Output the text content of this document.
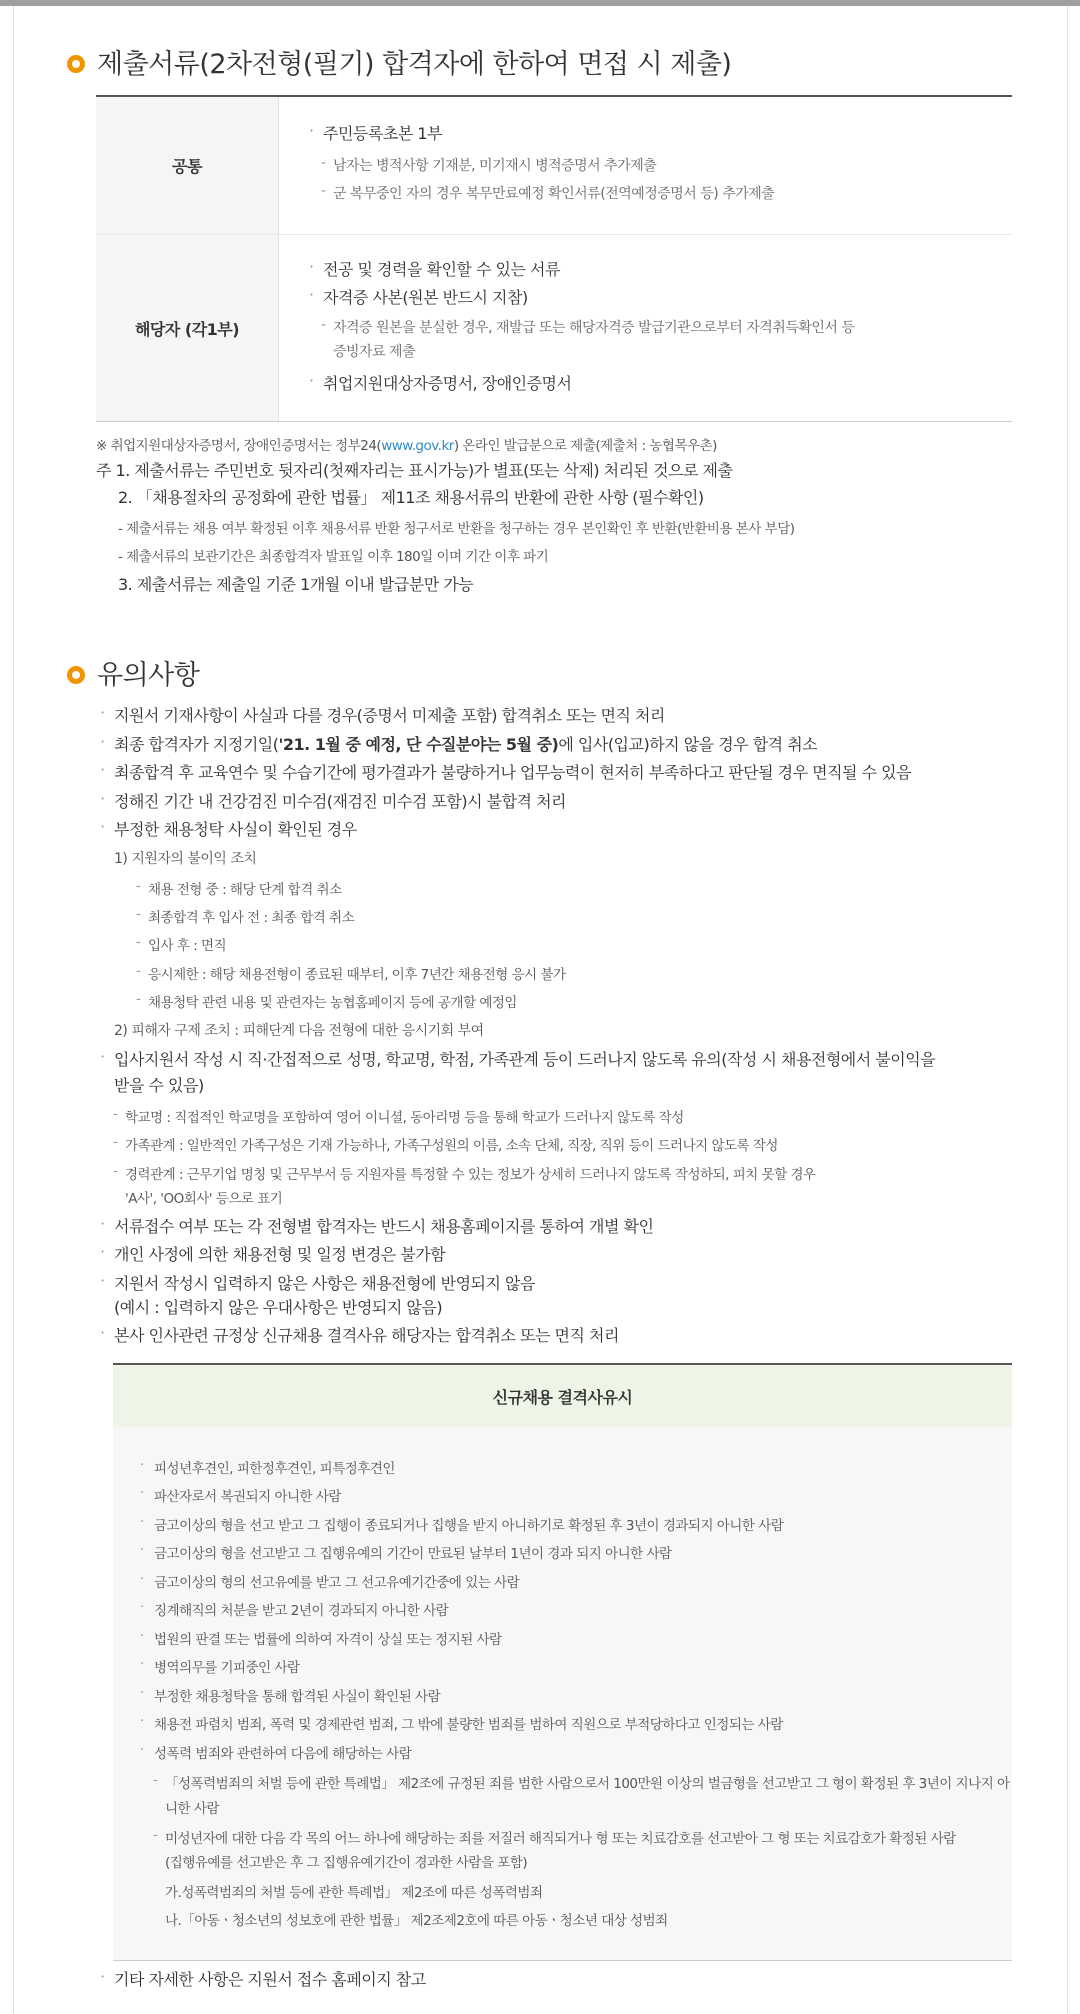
제출서류(2차전형(필기) 합격자에 한하여 면접 시 제출)
공통
· 주민등록초본 1부
- 남자는 병적사항 기재분, 미기재시 병적증명서 추가제출
- 군 복무중인 자의 경우 복무만료예정 확인서류(전역예정증명서 등) 추가제출
해당자 (각1부)
· 전공 및 경력을 확인할 수 있는 서류
· 자격증 사본(원본 반드시 지참)
- 자격증 원본을 분실한 경우, 재발급 또는 해당자격증 발급기관으로부터 자격취득확인서 등
증빙자료 제출
· 취업지원대상자증명서, 장애인증명서
※ 취업지원대상자증명서, 장애인증명서는 정부24(www.gov.kr) 온라인 발급분으로 제출(제출처 : 농협목우촌)
주 1. 제출서류는 주민번호 뒷자리(첫째자리는 표시가능)가 별표(또는 삭제) 처리된 것으로 제출
2. 「채용절차의 공정화에 관한 법률」 제11조 채용서류의 반환에 관한 사항 (필수확인)
- 제출서류는 채용 여부 확정된 이후 채용서류 반환 청구서로 반환을 청구하는 경우 본인확인 후 반환(반환비용 본사 부담)
- 제출서류의 보관기간은 최종합격자 발표일 이후 180일 이며 기간 이후 파기
3. 제출서류는 제출일 기준 1개월 이내 발급분만 가능
유의사항
· 지원서 기재사항이 사실과 다를 경우(증명서 미제출 포함) 합격취소 또는 면직 처리
· 최종 합격자가 지정기일('21. 1월 중 예정, 단 수질분야는 5월 중)에 입사(입교)하지 않을 경우 합격 취소
· 최종합격 후 교육연수 및 수습기간에 평가결과가 불량하거나 업무능력이 현저히 부족하다고 판단될 경우 면직될 수 있음
· 정해진 기간 내 건강검진 미수검(재검진 미수검 포함)시 불합격 처리
· 부정한 채용청탁 사실이 확인된 경우
1) 지원자의 불이익 조치
- 채용 전형 중 : 해당 단계 합격 취소
- 최종합격 후 입사 전 : 최종 합격 취소
- 입사 후 : 면직
- 응시제한 : 해당 채용전형이 종료된 때부터, 이후 7년간 채용전형 응시 불가
- 채용청탁 관련 내용 및 관련자는 농협홈페이지 등에 공개할 예정임
2) 피해자 구제 조치 : 피해단계 다음 전형에 대한 응시기회 부여
· 입사지원서 작성 시 직·간접적으로 성명, 학교명, 학점, 가족관계 등이 드러나지 않도록 유의(작성 시 채용전형에서 불이익을
받을 수 있음)
- 학교명 : 직접적인 학교명을 포함하여 영어 이니셜, 동아리명 등을 통해 학교가 드러나지 않도록 작성
- 가족관계 : 일반적인 가족구성은 기재 가능하나, 가족구성원의 이름, 소속 단체, 직장, 직위 등이 드러나지 않도록 작성
- 경력관계 : 근무기업 명칭 및 근무부서 등 지원자를 특정할 수 있는 정보가 상세히 드러나지 않도록 작성하되, 피치 못할 경우
'A사', 'OO회사' 등으로 표기
· 서류접수 여부 또는 각 전형별 합격자는 반드시 채용홈페이지를 통하여 개별 확인
· 개인 사정에 의한 채용전형 및 일정 변경은 불가함
· 지원서 작성시 입력하지 않은 사항은 채용전형에 반영되지 않음
(예시 : 입력하지 않은 우대사항은 반영되지 않음)
· 본사 인사관련 규정상 신규채용 결격사유 해당자는 합격취소 또는 면직 처리
신규채용 결격사유시
· 피성년후견인, 피한정후견인, 피특정후견인
· 파산자로서 복권되지 아니한 사람
· 금고이상의 형을 선고 받고 그 집행이 종료되거나 집행을 받지 아니하기로 확정된 후 3년이 경과되지 아니한 사람
· 금고이상의 형을 선고받고 그 집행유예의 기간이 만료된 날부터 1년이 경과 되지 아니한 사람
· 금고이상의 형의 선고유예를 받고 그 선고유예기간중에 있는 사람
· 징계해직의 처분을 받고 2년이 경과되지 아니한 사람
· 법원의 판결 또는 법률에 의하여 자격이 상실 또는 정지된 사람
· 병역의무를 기피중인 사람
· 부정한 채용청탁을 통해 합격된 사실이 확인된 사람
· 채용전 파렴치 범죄, 폭력 및 경제관련 범죄, 그 밖에 불량한 범죄를 범하여 직원으로 부적당하다고 인정되는 사람
· 성폭력 범죄와 관련하여 다음에 해당하는 사람
- 「성폭력범죄의 처벌 등에 관한 특례법」 제2조에 규정된 죄를 범한 사람으로서 100만원 이상의 벌금형을 선고받고 그 형이 확정된 후 3년이 지나지 아
니한 사람
- 미성년자에 대한 다음 각 목의 어느 하나에 해당하는 죄를 저질러 해직되거나 형 또는 치료감호를 선고받아 그 형 또는 치료감호가 확정된 사람
(집행유예를 선고받은 후 그 집행유예기간이 경과한 사람을 포함)
가.성폭력범죄의 처벌 등에 관한 특례법」 제2조에 따른 성폭력범죄
나.「아동ㆍ청소년의 성보호에 관한 법률」 제2조제2호에 따른 아동ㆍ청소년 대상 성범죄
· 기타 자세한 사항은 지원서 접수 홈페이지 참고
